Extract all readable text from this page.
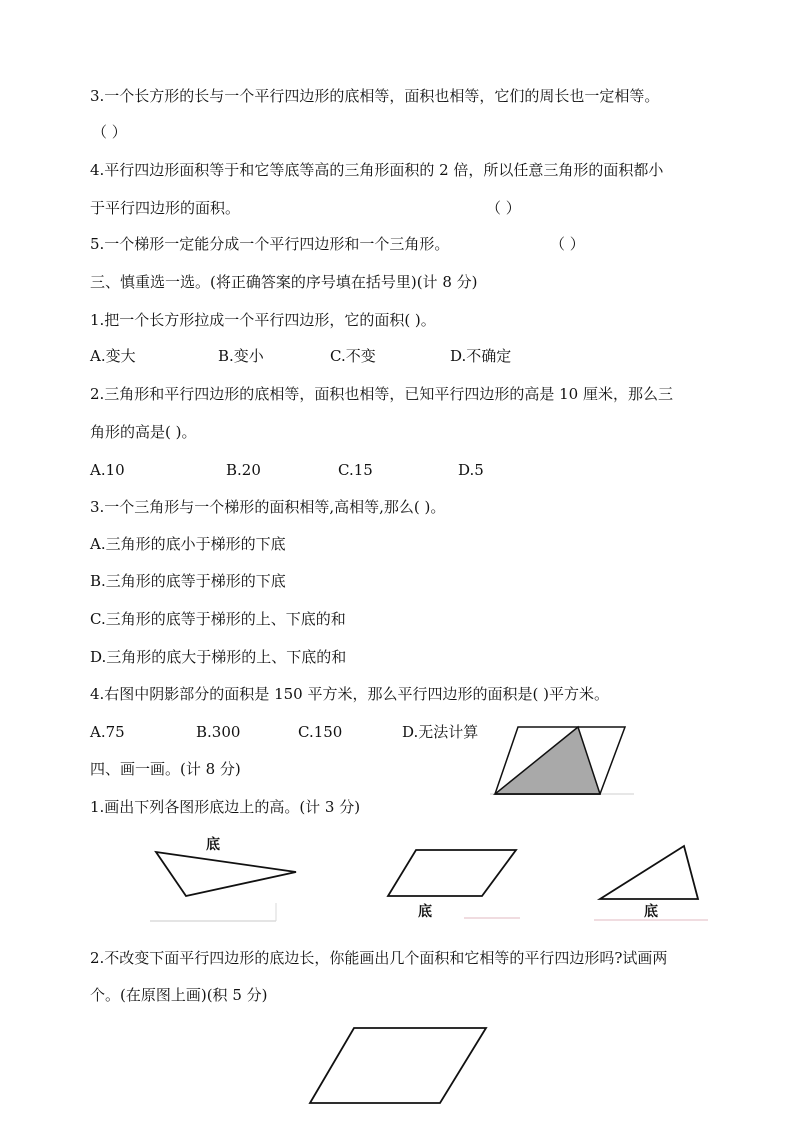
3.一个长方形的长与一个平行四边形的底相等，面积也相等，它们的周长也一定相等。
（ ）
4.平行四边形面积等于和它等底等高的三角形面积的 2 倍，所以任意三角形的面积都小
于平行四边形的面积。	（ ）
5.一个梯形一定能分成一个平行四边形和一个三角形。	（ ）
三、慎重选一选。(将正确答案的序号填在括号里)(计 8 分)
1.把一个长方形拉成一个平行四边形，它的面积( )。
A.变大	B.变小	C.不变	D.不确定
2.三角形和平行四边形的底相等，面积也相等，已知平行四边形的高是 10 厘米，那么三
角形的高是( )。
A.10	B.20	C.15	D.5
3.一个三角形与一个梯形的面积相等,高相等,那么( )。
A.三角形的底小于梯形的下底
B.三角形的底等于梯形的下底
C.三角形的底等于梯形的上、下底的和
D.三角形的底大于梯形的上、下底的和
4.右图中阴影部分的面积是 150 平方米，那么平行四边形的面积是( )平方米。
A.75	B.300	C.150	D.无法计算
四、画一画。(计 8 分)
1.画出下列各图形底边上的高。(计 3 分)
底
底	底
2.不改变下面平行四边形的底边长，你能画出几个面积和它相等的平行四边形吗?试画两
个。(在原图上画)(积 5 分)
